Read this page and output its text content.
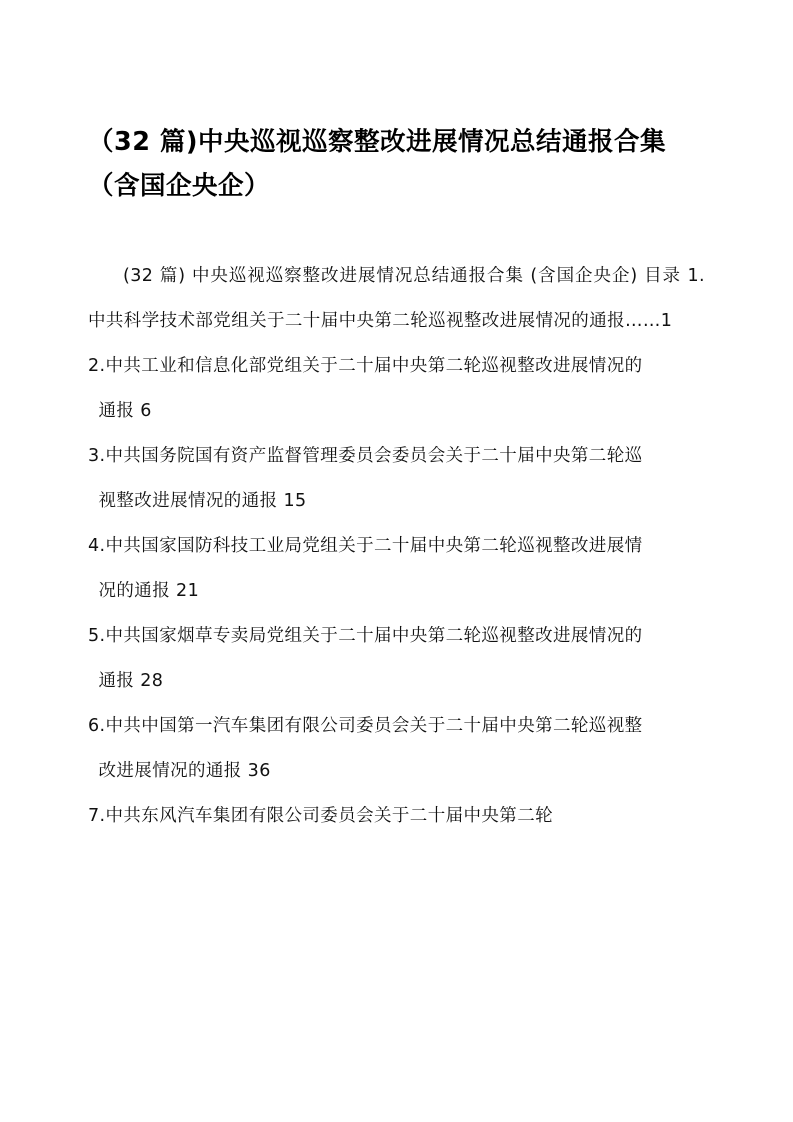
（32 篇)中央巡视巡察整改进展情况总结通报合集（含国企央企）

(32 篇) 中央巡视巡察整改进展情况总结通报合集 (含国企央企) 目录 1.中共科学技术部党组关于二十届中央第二轮巡视整改进展情况的通报……1

2.中共工业和信息化部党组关于二十届中央第二轮巡视整改进展情况的

通报 6

3.中共国务院国有资产监督管理委员会委员会关于二十届中央第二轮巡

视整改进展情况的通报 15

4.中共国家国防科技工业局党组关于二十届中央第二轮巡视整改进展情

况的通报 21

5.中共国家烟草专卖局党组关于二十届中央第二轮巡视整改进展情况的

通报 28

6.中共中国第一汽车集团有限公司委员会关于二十届中央第二轮巡视整

改进展情况的通报 36

7.中共东风汽车集团有限公司委员会关于二十届中央第二轮
